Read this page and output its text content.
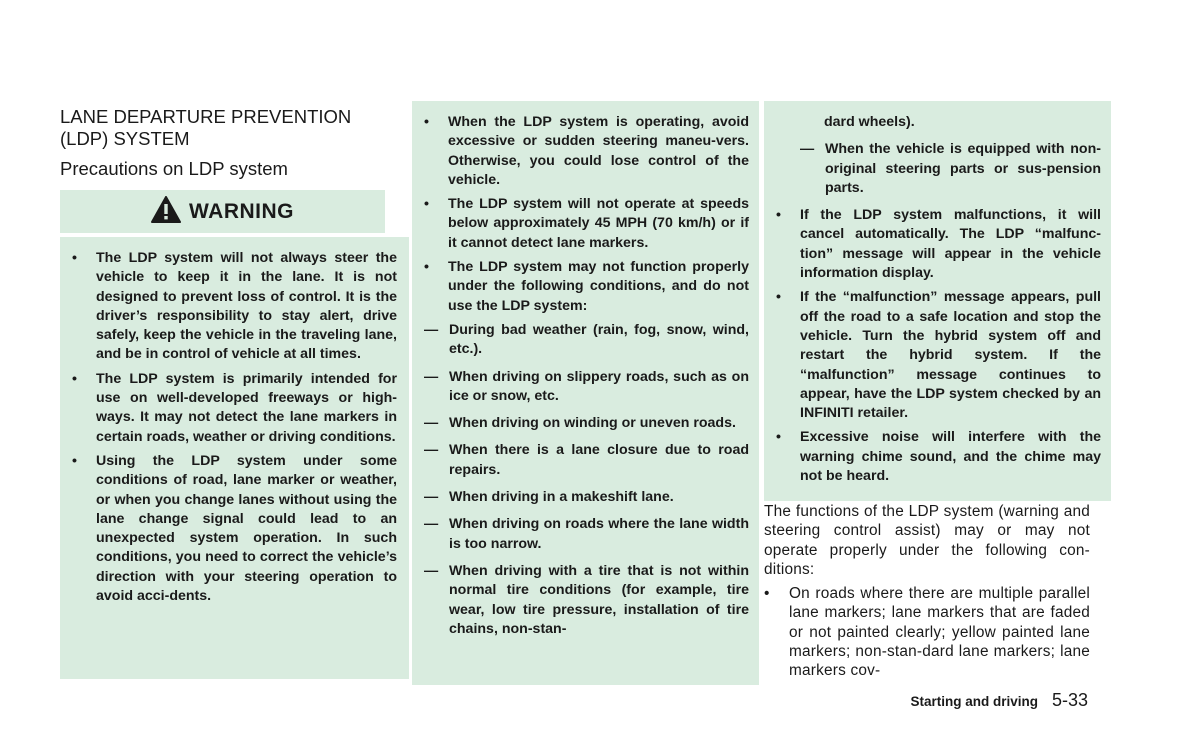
LANE DEPARTURE PREVENTION (LDP) SYSTEM
Precautions on LDP system
WARNING
• The LDP system will not always steer the vehicle to keep it in the lane. It is not designed to prevent loss of control. It is the driver’s responsibility to stay alert, drive safely, keep the vehicle in the traveling lane, and be in control of vehicle at all times.
• The LDP system is primarily intended for use on well-developed freeways or high-ways. It may not detect the lane markers in certain roads, weather or driving conditions.
• Using the LDP system under some conditions of road, lane marker or weather, or when you change lanes without using the lane change signal could lead to an unexpected system operation. In such conditions, you need to correct the vehicle’s direction with your steering operation to avoid acci-dents.
• When the LDP system is operating, avoid excessive or sudden steering maneu-vers. Otherwise, you could lose control of the vehicle.
• The LDP system will not operate at speeds below approximately 45 MPH (70 km/h) or if it cannot detect lane markers.
• The LDP system may not function properly under the following conditions, and do not use the LDP system:
— During bad weather (rain, fog, snow, wind, etc.).
— When driving on slippery roads, such as on ice or snow, etc.
— When driving on winding or uneven roads.
— When there is a lane closure due to road repairs.
— When driving in a makeshift lane.
— When driving on roads where the lane width is too narrow.
— When driving with a tire that is not within normal tire conditions (for example, tire wear, low tire pressure, installation of tire chains, non-stan-
dard wheels).
— When the vehicle is equipped with non-original steering parts or sus-pension parts.
• If the LDP system malfunctions, it will cancel automatically. The LDP “malfunc-tion” message will appear in the vehicle information display.
• If the “malfunction” message appears, pull off the road to a safe location and stop the vehicle. Turn the hybrid system off and restart the hybrid system. If the “malfunction” message continues to appear, have the LDP system checked by an INFINITI retailer.
• Excessive noise will interfere with the warning chime sound, and the chime may not be heard.

The functions of the LDP system (warning and steering control assist) may or may not operate properly under the following con-ditions:

• On roads where there are multiple parallel lane markers; lane markers that are faded or not painted clearly; yellow painted lane markers; non-stan-dard lane markers; lane markers cov-
Starting and driving 5-33
